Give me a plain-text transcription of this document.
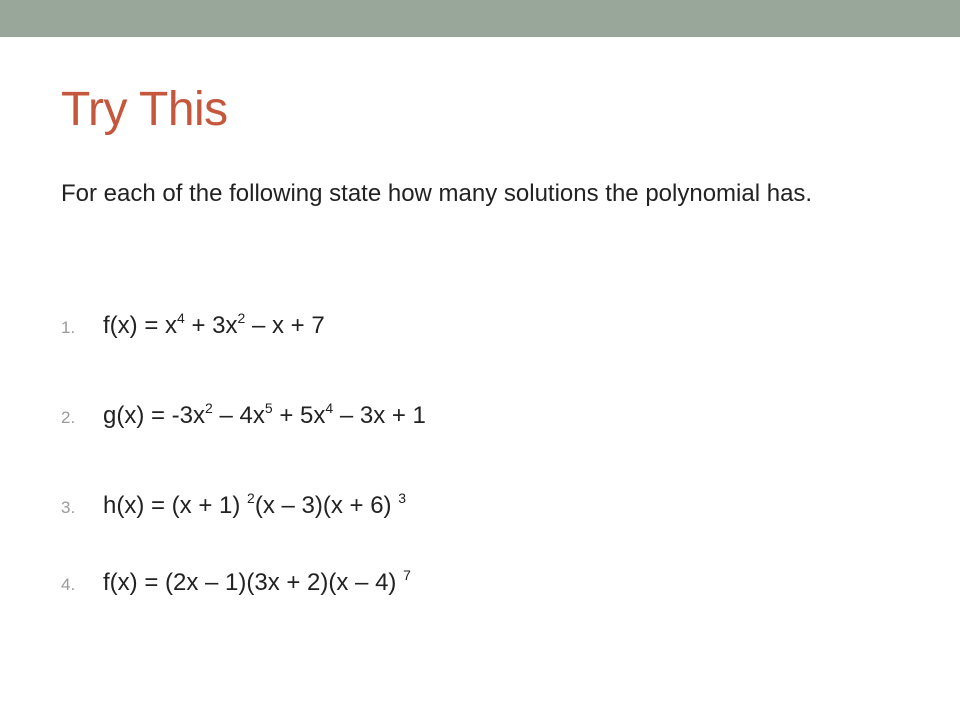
Try This

For each of the following state how many solutions the polynomial has.

1. $f(x) = x^4 + 3x^2 - x + 7$
2. $g(x) = -3x^2 - 4x^5 + 5x^4 - 3x + 1$
3. h(x) = (x + 1) $^2$(x – 3)(x + 6) $^3$
4. f(x) = (2x – 1)(3x + 2)(x – 4) $^7$
